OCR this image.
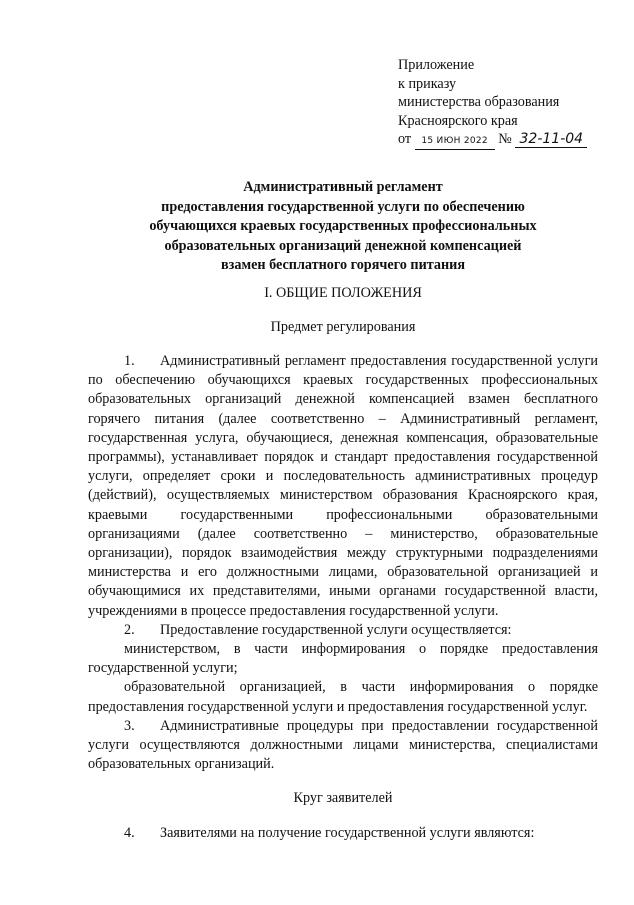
Приложение
к приказу
министерства образования
Красноярского края
от 15 ИЮН 2022 № 32-11-04
Административный регламент
предоставления государственной услуги по обеспечению
обучающихся краевых государственных профессиональных
образовательных организаций денежной компенсацией
взамен бесплатного горячего питания
I. ОБЩИЕ ПОЛОЖЕНИЯ
Предмет регулирования

1. Административный регламент предоставления государственной услуги по обеспечению обучающихся краевых государственных профессиональных образовательных организаций денежной компенсацией взамен бесплатного горячего питания (далее соответственно – Административный регламент, государственная услуга, обучающиеся, денежная компенсация, образовательные программы), устанавливает порядок и стандарт предоставления государственной услуги, определяет сроки и последовательность административных процедур (действий), осуществляемых министерством образования Красноярского края, краевыми государственными профессиональными образовательными организациями (далее соответственно – министерство, образовательные организации), порядок взаимодействия между структурными подразделениями министерства и его должностными лицами, образовательной организацией и обучающимися их представителями, иными органами государственной власти, учреждениями в процессе предоставления государственной услуги.

2. Предоставление государственной услуги осуществляется:

министерством, в части информирования о порядке предоставления государственной услуги;

образовательной организацией, в части информирования о порядке предоставления государственной услуги и предоставления государственной услуг.

3. Административные процедуры при предоставлении государственной услуги осуществляются должностными лицами министерства, специалистами образовательных организаций.

Круг заявителей
4. Заявителями на получение государственной услуги являются:
